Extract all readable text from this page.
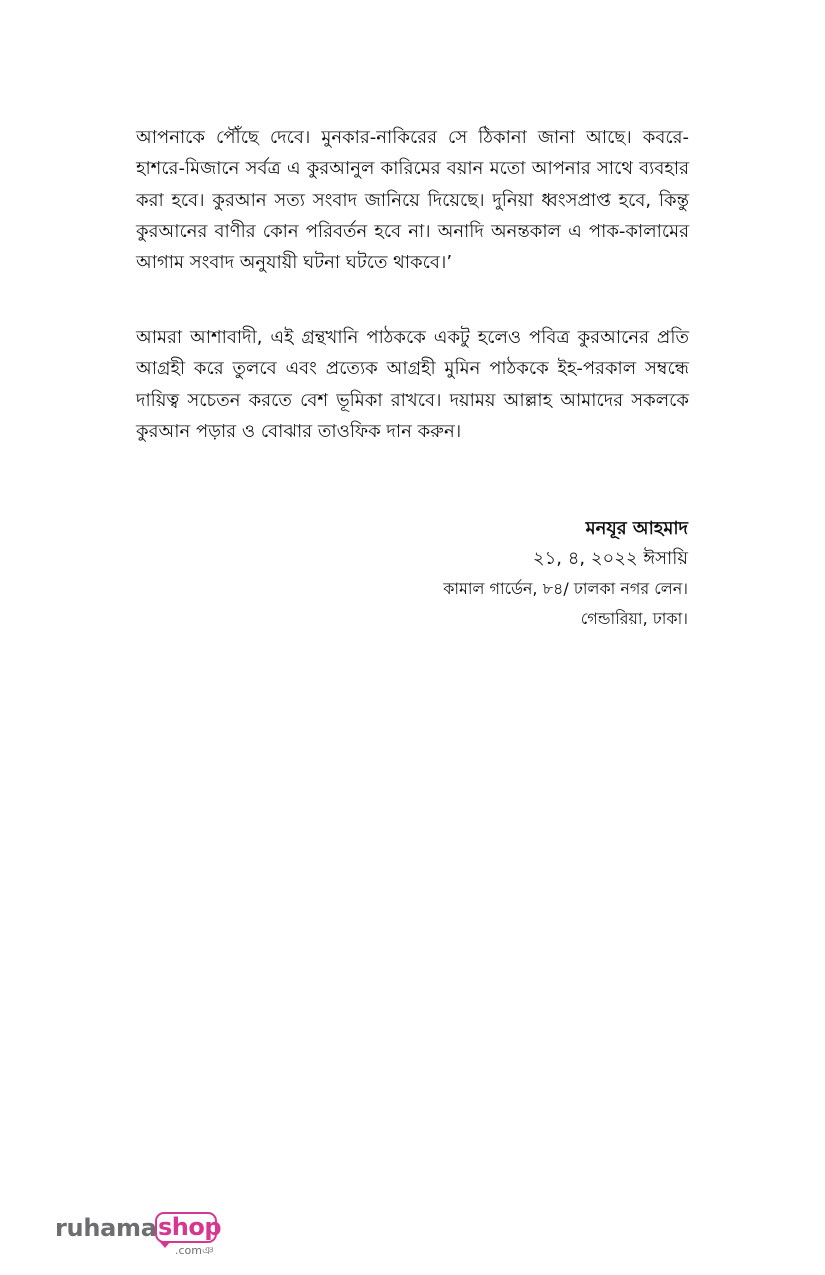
আপনাকে পৌঁছে দেবে। মুনকার-নাকিরের সে ঠিকানা জানা আছে। কবরে-হাশরে-মিজানে সর্বত্র এ কুরআনুল কারিমের বয়ান মতো আপনার সাথে ব্যবহার করা হবে। কুরআন সত্য সংবাদ জানিয়ে দিয়েছে। দুনিয়া ধ্বংসপ্রাপ্ত হবে, কিন্তু কুরআনের বাণীর কোন পরিবর্তন হবে না। অনাদি অনন্তকাল এ পাক-কালামের আগাম সংবাদ অনুযায়ী ঘটনা ঘটতে থাকবে।’

আমরা আশাবাদী, এই গ্রন্থখানি পাঠককে একটু হলেও পবিত্র কুরআনের প্রতি আগ্রহী করে তুলবে এবং প্রত্যেক আগ্রহী মুমিন পাঠককে ইহ-পরকাল সম্বন্ধে দায়িত্ব সচেতন করতে বেশ ভূমিকা রাখবে। দয়াময় আল্লাহ আমাদের সকলকে কুরআন পড়ার ও বোঝার তাওফিক দান করুন।

মনযূর আহমাদ
২১, ৪, ২০২২ ঈসায়ি
কামাল গার্ডেন, ৮৪/ ঢালকা নগর লেন।
গেন্ডারিয়া, ঢাকা।
ruhama shop
.comঞ
